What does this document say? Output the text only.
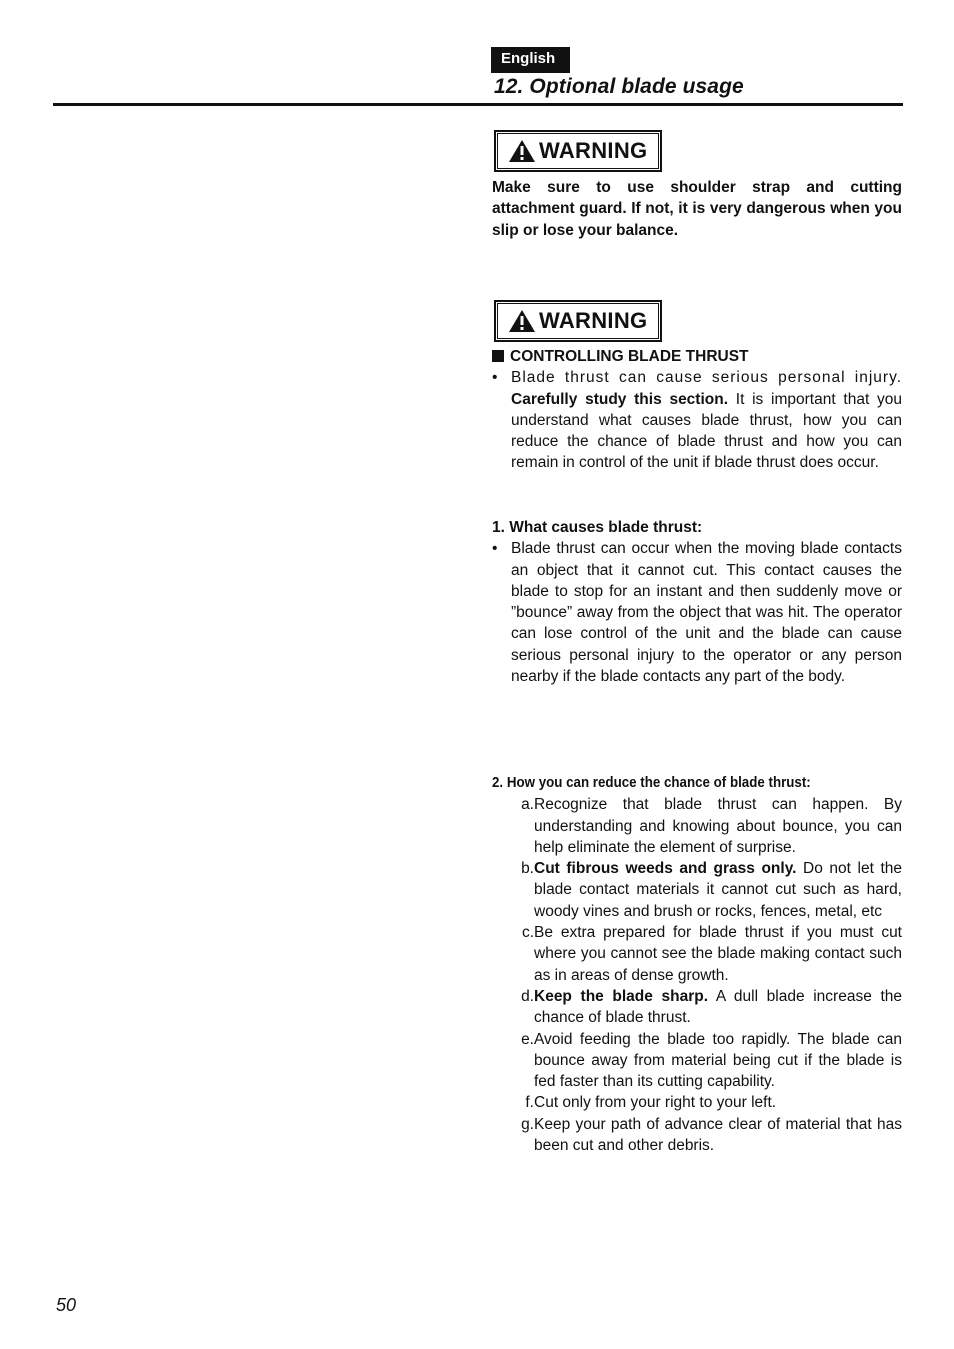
English
12. Optional blade usage
WARNING
Make sure to use shoulder strap and cutting attachment guard. If not, it is very dangerous when you slip or lose your balance.
WARNING
CONTROLLING BLADE THRUST
• Blade thrust can cause serious personal injury. Carefully study this section. It is important that you understand what causes blade thrust, how you can reduce the chance of blade thrust and how you can remain in control of the unit if blade thrust does occur.
1. What causes blade thrust:
• Blade thrust can occur when the moving blade contacts an object that it cannot cut. This contact causes the blade to stop for an instant and then suddenly move or ”bounce” away from the object that was hit. The operator can lose control of the unit and the blade can cause serious personal injury to the operator or any person nearby if the blade contacts any part of the body.
2. How you can reduce the chance of blade thrust:
a. Recognize that blade thrust can happen. By understanding and knowing about bounce, you can help eliminate the element of surprise.
b. Cut fibrous weeds and grass only. Do not let the blade contact materials it cannot cut such as hard, woody vines and brush or rocks, fences, metal, etc
c. Be extra prepared for blade thrust if you must cut where you cannot see the blade making contact such as in areas of dense growth.
d. Keep the blade sharp. A dull blade increase the chance of blade thrust.
e. Avoid feeding the blade too rapidly. The blade can bounce away from material being cut if the blade is fed faster than its cutting capability.
f. Cut only from your right to your left.
g. Keep your path of advance clear of material that has been cut and other debris.
50
